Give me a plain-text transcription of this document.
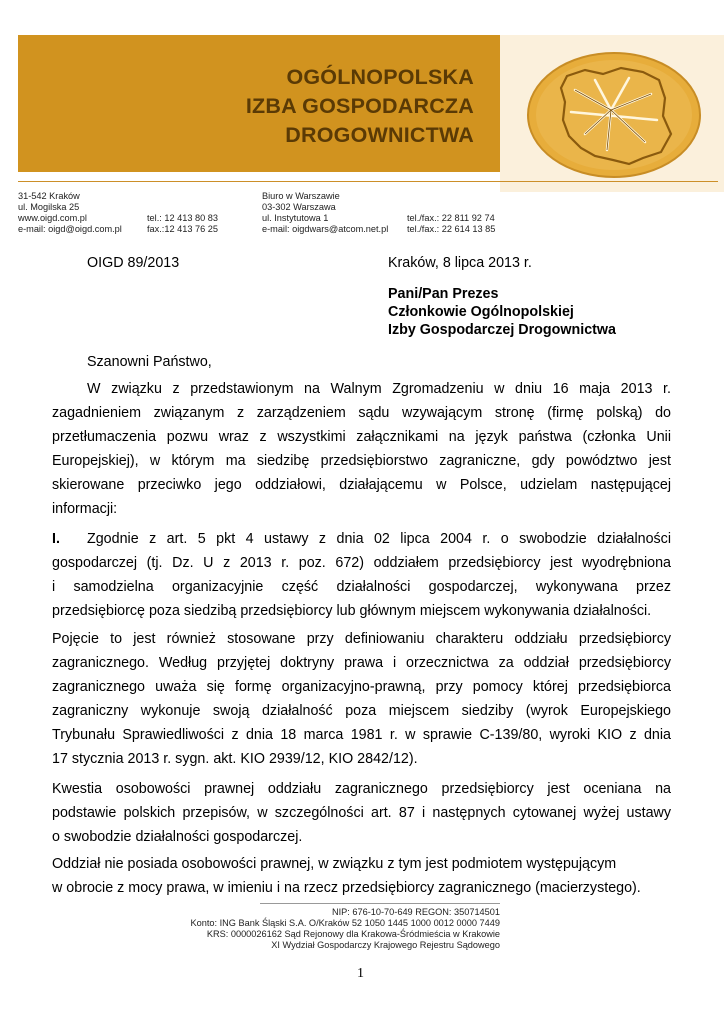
OGÓLNOPOLSKA
IZBA GOSPODARCZA
DROGOWNICTWA
31-542 Kraków
ul. Mogilska 25
www.oigd.com.pl	tel.: 12 413 80 83
e-mail: oigd@oigd.com.pl	fax.:12 413 76 25
Biuro w Warszawie
03-302 Warszawa
ul. Instytutowa 1	tel./fax.: 22 811 92 74
e-mail: oigdwars@atcom.net.pl tel./fax.: 22 614 13 85
OIGD 89/2013	Kraków, 8 lipca 2013 r.
Pani/Pan Prezes
Członkowie Ogólnopolskiej
Izby Gospodarczej Drogownictwa
Szanowni Państwo,
W związku z przedstawionym na Walnym Zgromadzeniu w dniu 16 maja 2013 r.
zagadnieniem związanym z zarządzeniem sądu wzywającym stronę (firmę polską) do
przetłumaczenia pozwu wraz z wszystkimi załącznikami na język państwa (członka Unii
Europejskiej), w którym ma siedzibę przedsiębiorstwo zagraniczne, gdy powództwo jest
skierowane przeciwko jego oddziałowi, działającemu w Polsce, udzielam następującej
informacji:
I.	Zgodnie z art. 5 pkt 4 ustawy z dnia 02 lipca 2004 r. o swobodzie działalności
gospodarczej (tj. Dz. U z 2013 r. poz. 672) oddziałem przedsiębiorcy jest wyodrębniona
i samodzielna organizacyjnie część działalności gospodarczej, wykonywana przez
przedsiębiorcę poza siedzibą przedsiębiorcy lub głównym miejscem wykonywania działalności.
Pojęcie to jest również stosowane przy definiowaniu charakteru oddziału przedsiębiorcy
zagranicznego. Według przyjętej doktryny prawa i orzecznictwa za oddział przedsiębiorcy
zagranicznego uważa się formę organizacyjno-prawną, przy pomocy której przedsiębiorca
zagraniczny wykonuje swoją działalność poza miejscem siedziby (wyrok Europejskiego
Trybunału Sprawiedliwości z dnia 18 marca 1981 r. w sprawie C-139/80, wyroki KIO z dnia
17 stycznia 2013 r. sygn. akt. KIO 2939/12, KIO 2842/12).
Kwestia osobowości prawnej oddziału zagranicznego przedsiębiorcy jest oceniana na
podstawie polskich przepisów, w szczególności art. 87 i następnych cytowanej wyżej ustawy
o swobodzie działalności gospodarczej.
Oddział nie posiada osobowości prawnej, w związku z tym jest podmiotem występującym
w obrocie z mocy prawa, w imieniu i na rzecz przedsiębiorcy zagranicznego (macierzystego).
NIP: 676-10-70-649 REGON: 350714501
Konto: ING Bank Śląski S.A. O/Kraków 52 1050 1445 1000 0012 0000 7449
KRS: 0000026162 Sąd Rejonowy dla Krakowa-Śródmieścia w Krakowie
XI Wydział Gospodarczy Krajowego Rejestru Sądowego
1
